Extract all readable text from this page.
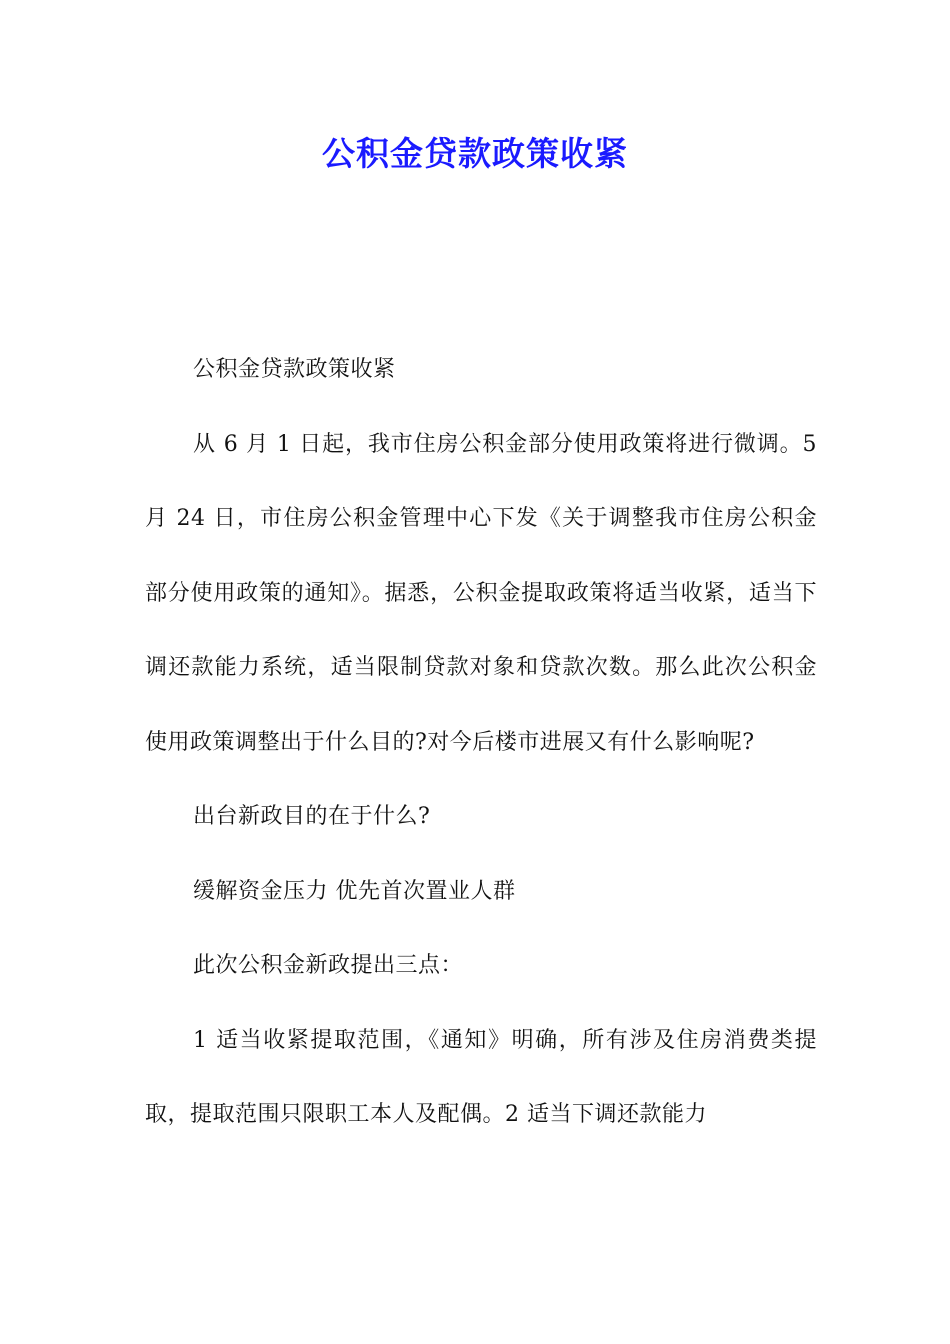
公积金贷款政策收紧

公积金贷款政策收紧

从 6 月 1 日起，我市住房公积金部分使用政策将进行微调。5 月 24 日，市住房公积金管理中心下发《关于调整我市住房公积金部分使用政策的通知》。据悉，公积金提取政策将适当收紧，适当下调还款能力系统，适当限制贷款对象和贷款次数。那么此次公积金使用政策调整出于什么目的?对今后楼市进展又有什么影响呢?

出台新政目的在于什么?

缓解资金压力 优先首次置业人群

此次公积金新政提出三点：

1 适当收紧提取范围，《通知》明确，所有涉及住房消费类提取，提取范围只限职工本人及配偶。2 适当下调还款能力
